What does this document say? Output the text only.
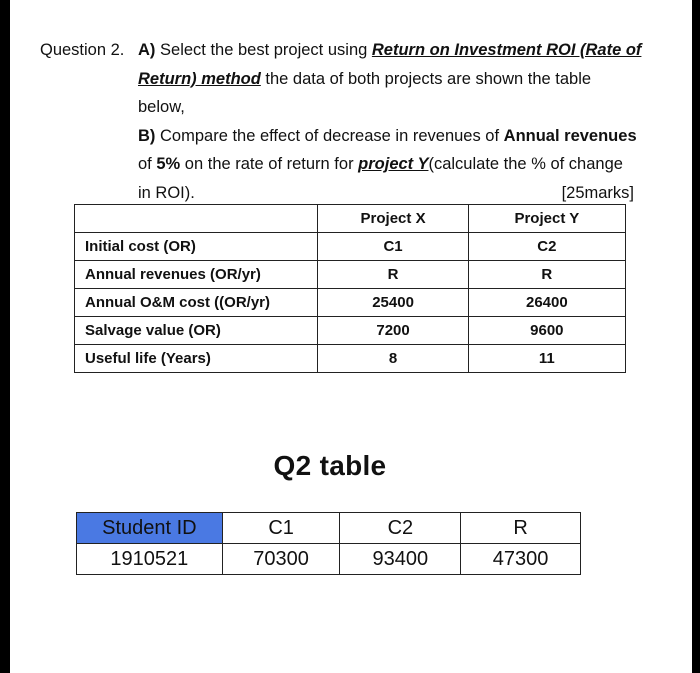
Question 2. A) Select the best project using Return on Investment ROI (Rate of
Return) method the data of both projects are shown the table
below,
B) Compare the effect of decrease in revenues of Annual revenues
of 5% on the rate of return for project Y(calculate the % of change
in ROI).	[25marks]
	Project X	Project Y
Initial cost (OR)	C1	C2
Annual revenues (OR/yr)	R	R
Annual O&M cost ((OR/yr)	25400	26400
Salvage value (OR)	7200	9600
Useful life (Years)	8	11
Q2 table
Student ID	C1	C2	R
1910521	70300	93400	47300
